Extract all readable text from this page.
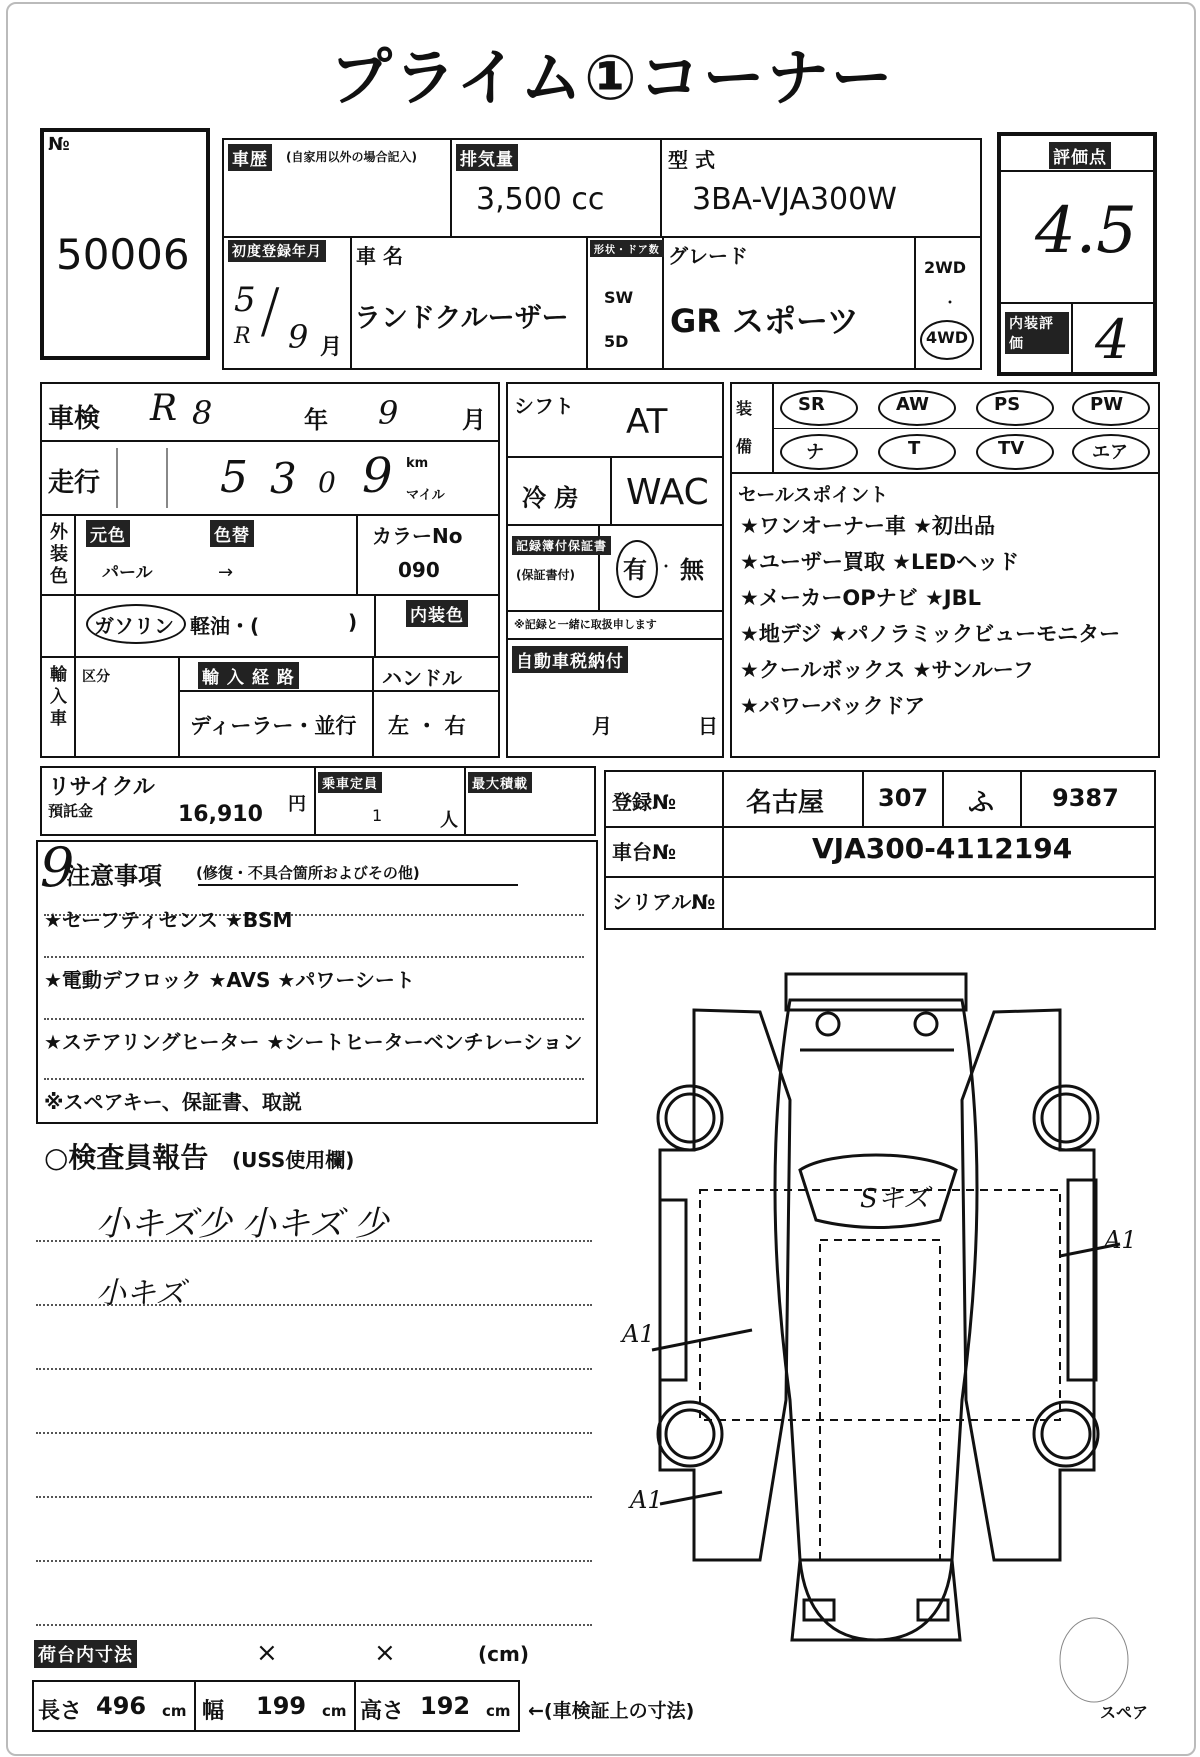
プライム①コーナー
№
50006
車歴	(自家用以外の場合記入)	排気量
3,500 cc
型 式
3BA-VJA300W
初度登録年月
5
R / 9 月
車 名
ランドクルーザー
形状・ドア数
SW
5D
グレード
GR スポーツ
2WD
・
4WD
評価点
4.5
内装評価	4
車検 R 8	年 9	月
走行	5 3 0 9 km
マイル
外装色
元色	色替
パール	→
カラーNo
090
ガソリン 軽油・(	)	内装色
輸入車
区分	輸 入 経 路
ディーラー・並行
ハンドル
左 ・ 右
シフト AT
冷 房 WAC
記録簿付保証書
(保証書付) 有 ・ 無
※記録と一緒に取扱申します
自動車税納付
月	日
装備
SR	AW	PS	PW
ナ	T	TV	エア
セールスポイント
★ワンオーナー車 ★初出品
★ユーザー買取 ★LEDヘッド
★メーカーOPナビ ★JBL
★地デジ ★パノラミックビューモニター
★クールボックス ★サンルーフ
★パワーバックドア
リサイクル
預託金	16,910 円
乗車定員
1	人
最大積載
登録№	名古屋 307 ふ 9387
車台№	VJA300-4112194
シリアル№
9
注意事項 (修復・不具合箇所およびその他)
★セーフティセンス ★BSM
★電動デフロック ★AVS ★パワーシート
★ステアリングヒーター ★シートヒーターベンチレーション
※スペアキー、保証書、取説
○検査員報告 (USS使用欄)
小キズ少 小キズ 少
小キズ
荷台内寸法	×	×	(cm)
長さ 496 cm 幅 199 cm 高さ 192 cm ←(車検証上の寸法)
Sキズ
A1
A1
A1
スペア
